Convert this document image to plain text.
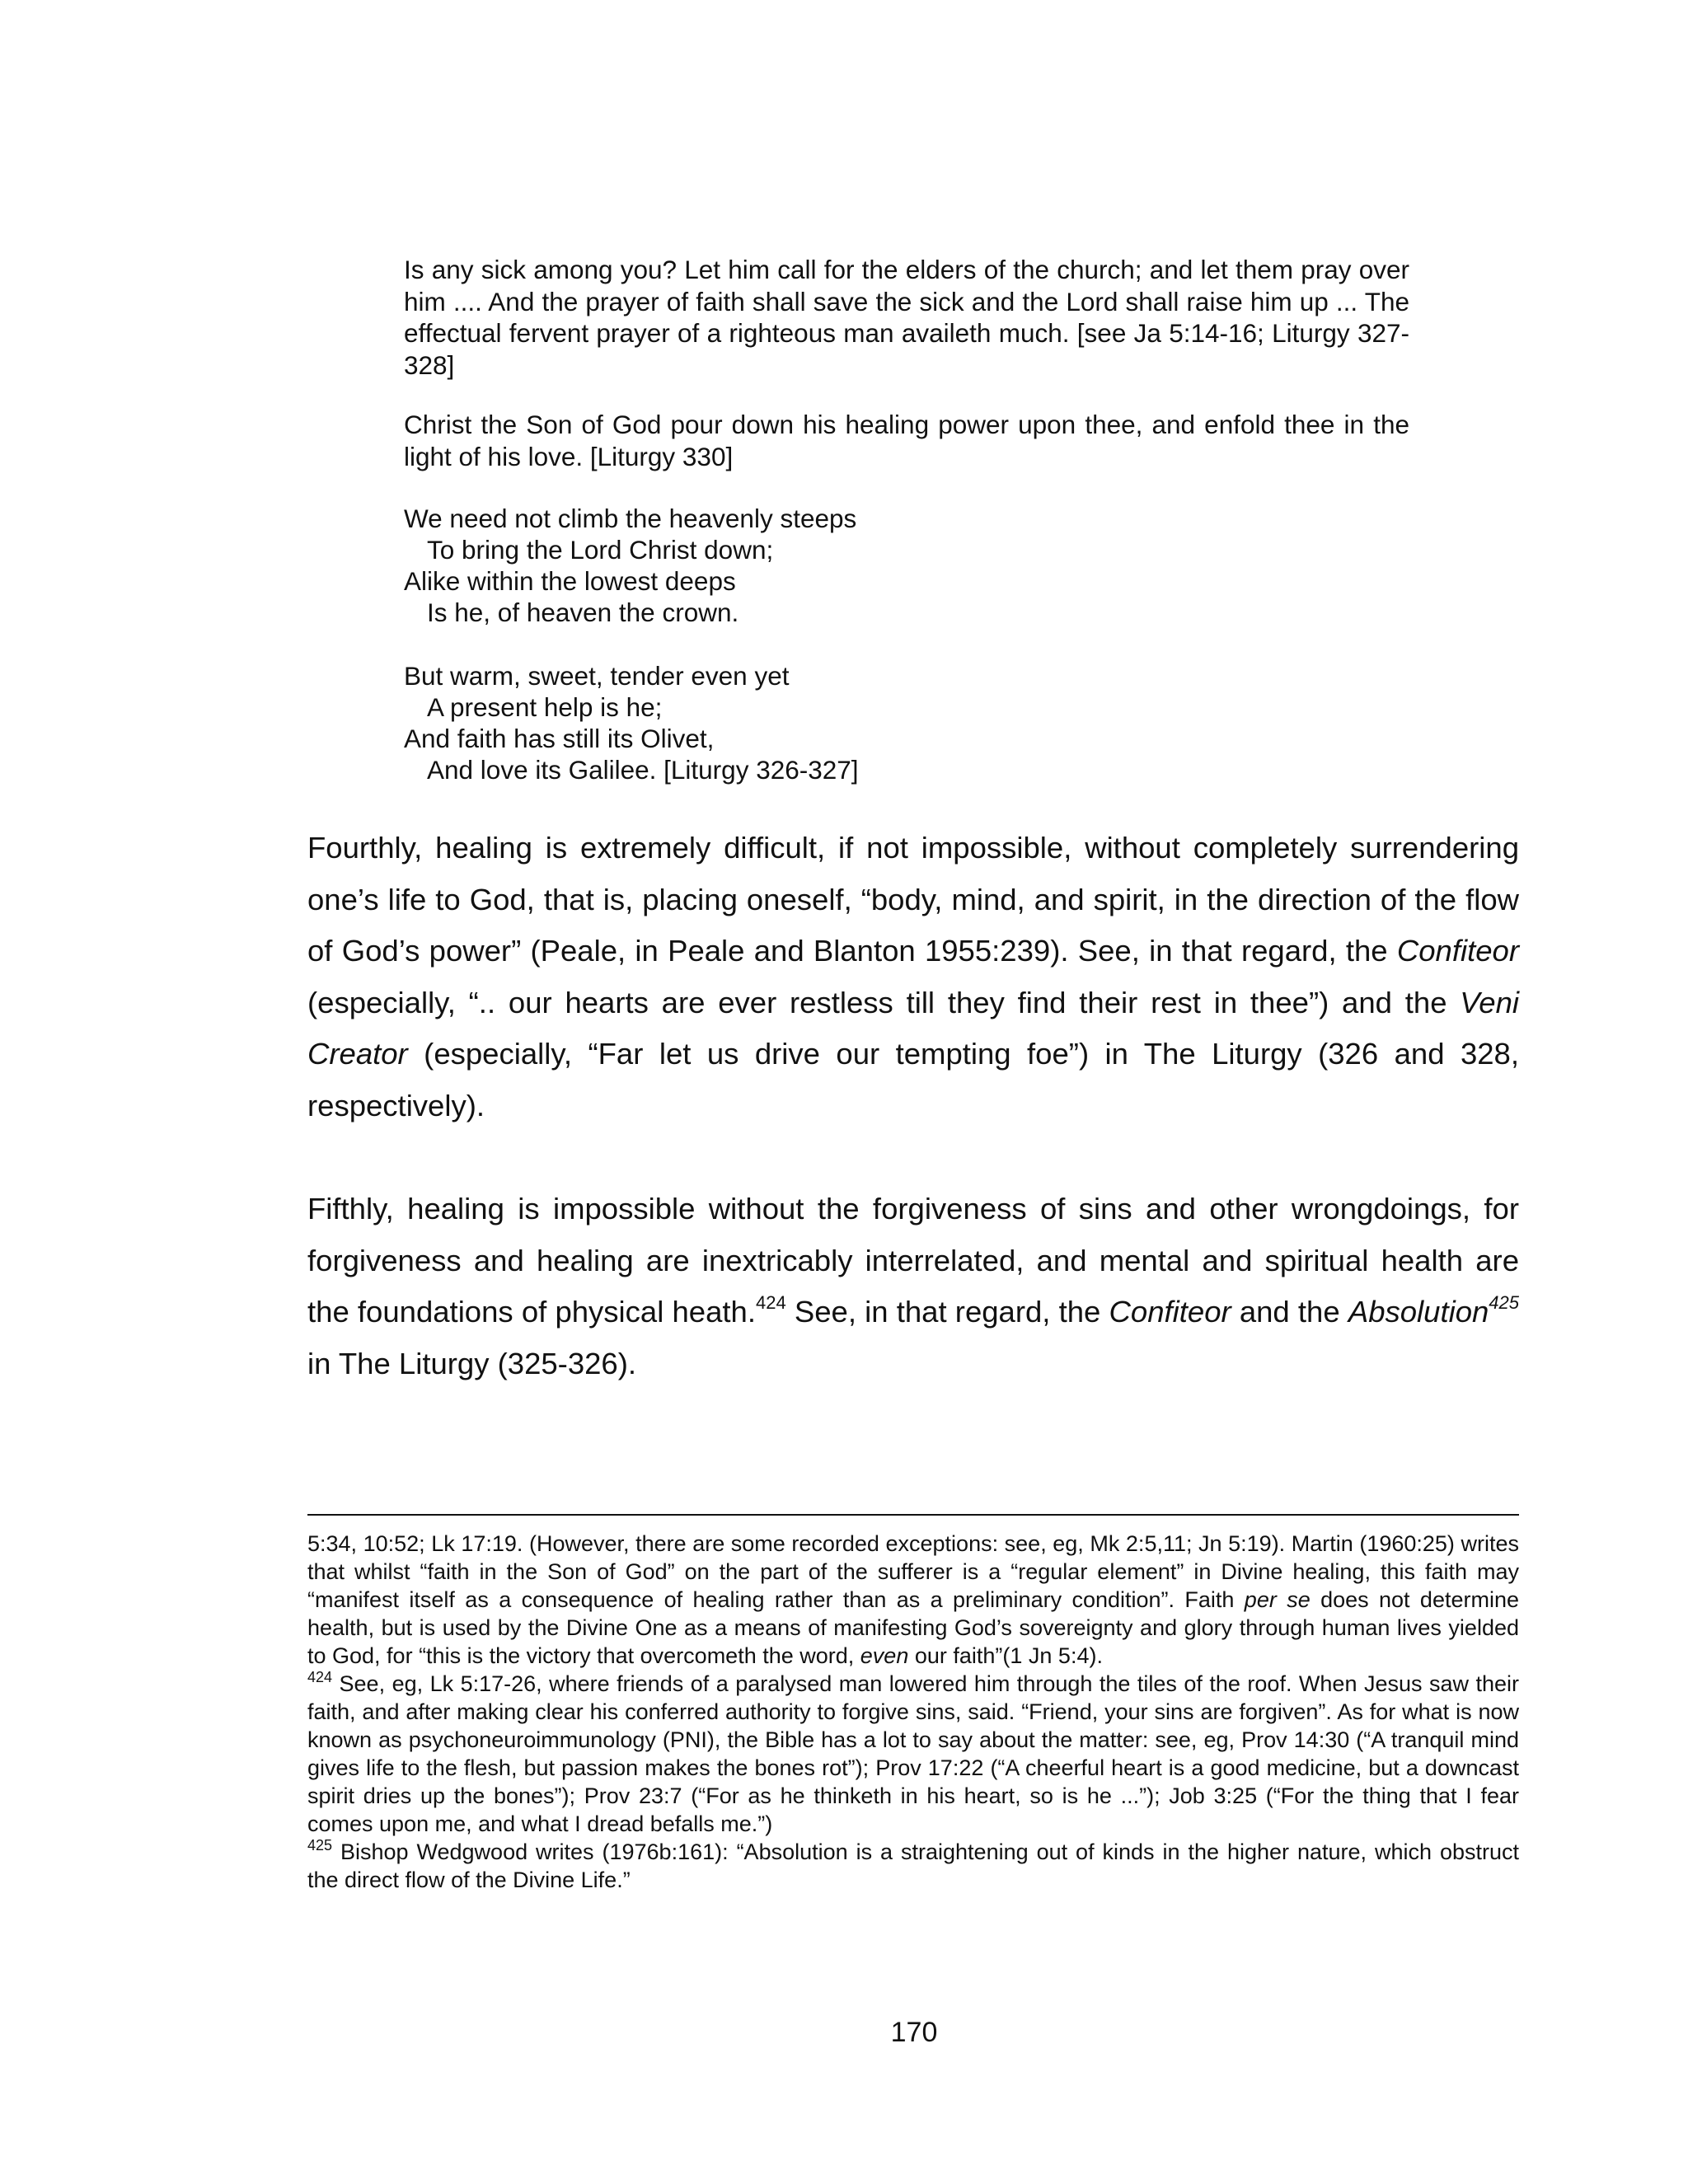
Is any sick among you? Let him call for the elders of the church; and let them pray over him .... And the prayer of faith shall save the sick and the Lord shall raise him up ... The effectual fervent prayer of a righteous man availeth much. [see Ja 5:14-16; Liturgy 327-328]

Christ the Son of God pour down his healing power upon thee, and enfold thee in the light of his love. [Liturgy 330]

We need not climb the heavenly steeps
To bring the Lord Christ down;
Alike within the lowest deeps
Is he, of heaven the crown.
But warm, sweet, tender even yet
A present help is he;
And faith has still its Olivet,
And love its Galilee. [Liturgy 326-327]

Fourthly, healing is extremely difficult, if not impossible, without completely surrendering one’s life to God, that is, placing oneself, “body, mind, and spirit, in the direction of the flow of God’s power” (Peale, in Peale and Blanton 1955:239). See, in that regard, the Confiteor (especially, “.. our hearts are ever restless till they find their rest in thee”) and the Veni Creator (especially, “Far let us drive our tempting foe”) in The Liturgy (326 and 328, respectively).

Fifthly, healing is impossible without the forgiveness of sins and other wrongdoings, for forgiveness and healing are inextricably interrelated, and mental and spiritual health are the foundations of physical heath.$^{424}$ See, in that regard, the Confiteor and the Absolution$^{425}$ in The Liturgy (325-326).

5:34, 10:52; Lk 17:19. (However, there are some recorded exceptions: see, eg, Mk 2:5,11; Jn 5:19). Martin (1960:25) writes that whilst “faith in the Son of God” on the part of the sufferer is a “regular element” in Divine healing, this faith may “manifest itself as a consequence of healing rather than as a preliminary condition”. Faith per se does not determine health, but is used by the Divine One as a means of manifesting God’s sovereignty and glory through human lives yielded to God, for “this is the victory that overcometh the word, even our faith”(1 Jn 5:4).

$^{424}$ See, eg, Lk 5:17-26, where friends of a paralysed man lowered him through the tiles of the roof. When Jesus saw their faith, and after making clear his conferred authority to forgive sins, said. “Friend, your sins are forgiven”. As for what is now known as psychoneuroimmunology (PNI), the Bible has a lot to say about the matter: see, eg, Prov 14:30 (“A tranquil mind gives life to the flesh, but passion makes the bones rot”); Prov 17:22 (“A cheerful heart is a good medicine, but a downcast spirit dries up the bones”); Prov 23:7 (“For as he thinketh in his heart, so is he ...”); Job 3:25 (“For the thing that I fear comes upon me, and what I dread befalls me.”)

$^{425}$ Bishop Wedgwood writes (1976b:161): “Absolution is a straightening out of kinds in the higher nature, which obstruct the direct flow of the Divine Life.”

170
